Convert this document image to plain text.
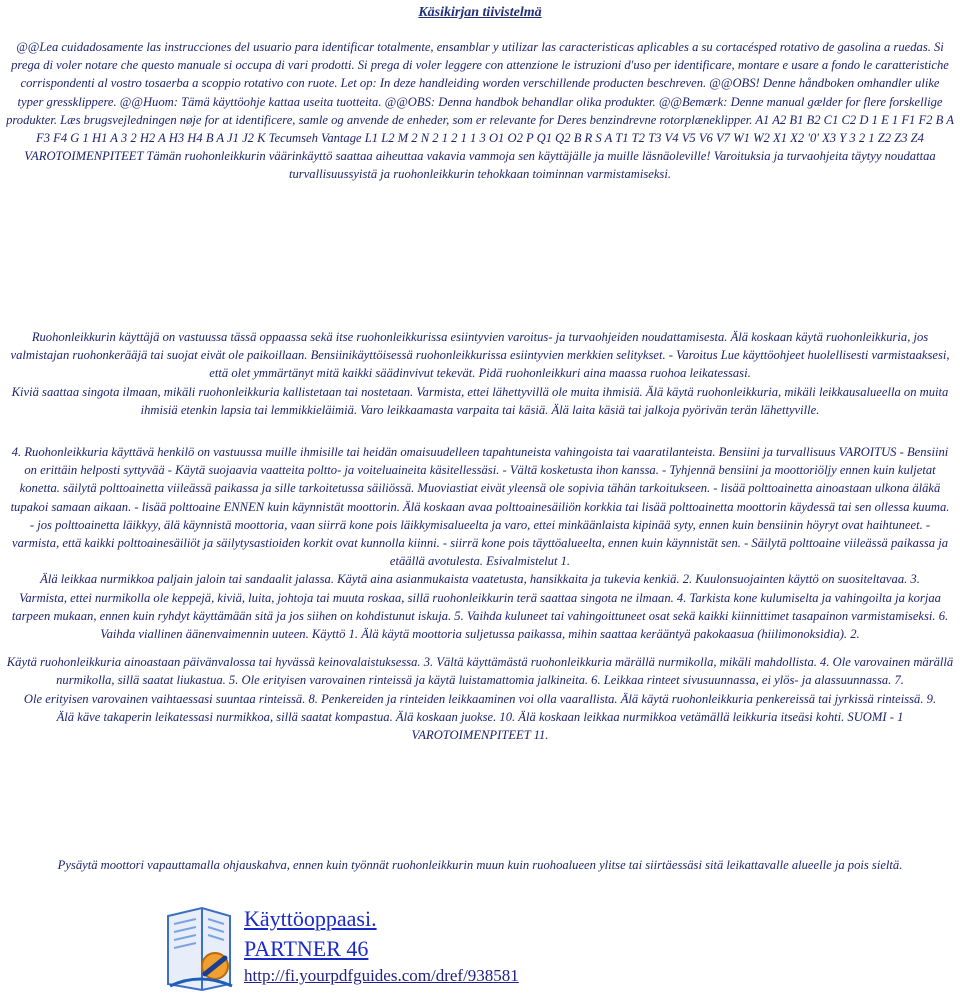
Käsikirjan tiivistelmä

@@Lea cuidadosamente las instrucciones del usuario para identificar totalmente, ensamblar y utilizar las caracteristicas aplicables a su cortacésped rotativo de gasolina a ruedas. Si prega di voler notare che questo manuale si occupa di vari prodotti. Si prega di voler leggere con attenzione le istruzioni d'uso per identificare, montare e usare a fondo le caratteristiche corrispondenti al vostro tosaerba a scoppio rotativo con ruote. Let op: In deze handleiding worden verschillende producten beschreven. @@OBS! Denne håndboken omhandler ulike typer gressklippere. @@Huom: Tämä käyttöohje kattaa useita tuotteita. @@OBS: Denna handbok behandlar olika produkter. @@Bemærk: Denne manual gælder for flere forskellige produkter. Læs brugsvejledningen nøje for at identificere, samle og anvende de enheder, som er relevante for Deres benzindrevne rotorplæneklipper. A1 A2 B1 B2 C1 C2 D 1 E 1 F1 F2 B A F3 F4 G 1 H1 A 3 2 H2 A H3 H4 B A J1 J2 K Tecumseh Vantage L1 L2 M 2 N 2 1 2 1 1 3 O1 O2 P Q1 Q2 B R S A T1 T2 T3 V4 V5 V6 V7 W1 W2 X1 X2 '0' X3 Y 3 2 1 Z2 Z3 Z4 VAROTOIMENPITEET Tämän ruohonleikkurin väärinkäyttö saattaa aiheuttaa vakavia vammoja sen käyttäjälle ja muille läsnäoleville! Varoituksia ja turvaohjeita täytyy noudattaa turvallisuussyistä ja ruohonleikkurin tehokkaan toiminnan varmistamiseksi.

Ruohonleikkurin käyttäjä on vastuussa tässä oppaassa sekä itse ruohonleikkurissa esiintyvien varoitus- ja turvaohjeiden noudattamisesta. Älä koskaan käytä ruohonleikkuria, jos valmistajan ruohonkerääjä tai suojat eivät ole paikoillaan. Bensiinikäyttöisessä ruohonleikkurissa esiintyvien merkkien selitykset. - Varoitus Lue käyttöohjeet huolellisesti varmistaaksesi, että olet ymmärtänyt mitä kaikki säädinvivut tekevät. Pidä ruohonleikkuri aina maassa ruohoa leikatessasi.

Kiviä saattaa singota ilmaan, mikäli ruohonleikkuria kallistetaan tai nostetaan. Varmista, ettei lähettyvillä ole muita ihmisiä. Älä käytä ruohonleikkuria, mikäli leikkausalueella on muita ihmisiä etenkin lapsia tai lemmikkieläimiä. Varo leikkaamasta varpaita tai käsiä. Älä laita käsiä tai jalkoja pyörivän terän lähettyville.

4. Ruohonleikkuria käyttävä henkilö on vastuussa muille ihmisille tai heidän omaisuudelleen tapahtuneista vahingoista tai vaaratilanteista. Bensiini ja turvallisuus VAROITUS - Bensiini on erittäin helposti syttyvää - Käytä suojaavia vaatteita poltto- ja voiteluaineita käsitellessäsi. - Vältä kosketusta ihon kanssa. - Tyhjennä bensiini ja moottoriöljy ennen kuin kuljetat konetta. säilytä polttoainetta viileässä paikassa ja sille tarkoitetussa säiliössä. Muoviastiat eivät yleensä ole sopivia tähän tarkoitukseen. - lisää polttoainetta ainoastaan ulkona äläkä tupakoi samaan aikaan. - lisää polttoaine ENNEN kuin käynnistät moottorin. Älä koskaan avaa polttoainesäiliön korkkia tai lisää polttoainetta moottorin käydessä tai sen ollessa kuuma.

- jos polttoainetta läikkyy, älä käynnistä moottoria, vaan siirrä kone pois läikkymisalueelta ja varo, ettei minkäänlaista kipinää syty, ennen kuin bensiinin höyryt ovat haihtuneet. - varmista, että kaikki polttoainesäiliöt ja säilytysastioiden korkit ovat kunnolla kiinni. - siirrä kone pois täyttöalueelta, ennen kuin käynnistät sen. - Säilytä polttoaine viileässä paikassa ja etäällä avotulesta. Esivalmistelut 1.

Älä leikkaa nurmikkoa paljain jaloin tai sandaalit jalassa. Käytä aina asianmukaista vaatetusta, hansikkaita ja tukevia kenkiä. 2. Kuulonsuojainten käyttö on suositeltavaa. 3.

Varmista, ettei nurmikolla ole keppejä, kiviä, luita, johtoja tai muuta roskaa, sillä ruohonleikkurin terä saattaa singota ne ilmaan. 4. Tarkista kone kulumiselta ja vahingoilta ja korjaa tarpeen mukaan, ennen kuin ryhdyt käyttämään sitä ja jos siihen on kohdistunut iskuja. 5. Vaihda kuluneet tai vahingoittuneet osat sekä kaikki kiinnittimet tasapainon varmistamiseksi. 6. Vaihda viallinen äänenvaimennin uuteen. Käyttö 1. Älä käytä moottoria suljetussa paikassa, mihin saattaa kerääntyä pakokaasua (hiilimonoksidia). 2.

Käytä ruohonleikkuria ainoastaan päivänvalossa tai hyvässä keinovalaistuksessa. 3. Vältä käyttämästä ruohonleikkuria märällä nurmikolla, mikäli mahdollista. 4. Ole varovainen märällä nurmikolla, sillä saatat liukastua. 5. Ole erityisen varovainen rinteissä ja käytä luistamattomia jalkineita. 6. Leikkaa rinteet sivusuunnassa, ei ylös- ja alassuunnassa. 7.

Ole erityisen varovainen vaihtaessasi suuntaa rinteissä. 8. Penkereiden ja rinteiden leikkaaminen voi olla vaarallista. Älä käytä ruohonleikkuria penkereissä tai jyrkissä rinteissä. 9.

Älä käve takaperin leikatessasi nurmikkoa, sillä saatat kompastua. Älä koskaan juokse. 10. Älä koskaan leikkaa nurmikkoa vetämällä leikkuria itseäsi kohti. SUOMI - 1 VAROTOIMENPITEET 11.

Pysäytä moottori vapauttamalla ohjauskahva, ennen kuin työnnät ruohonleikkurin muun kuin ruohoalueen ylitse tai siirtäessäsi sitä leikattavalle alueelle ja pois sieltä.

Käyttöoppaasi.
PARTNER 46
http://fi.yourpdfguides.com/dref/938581
